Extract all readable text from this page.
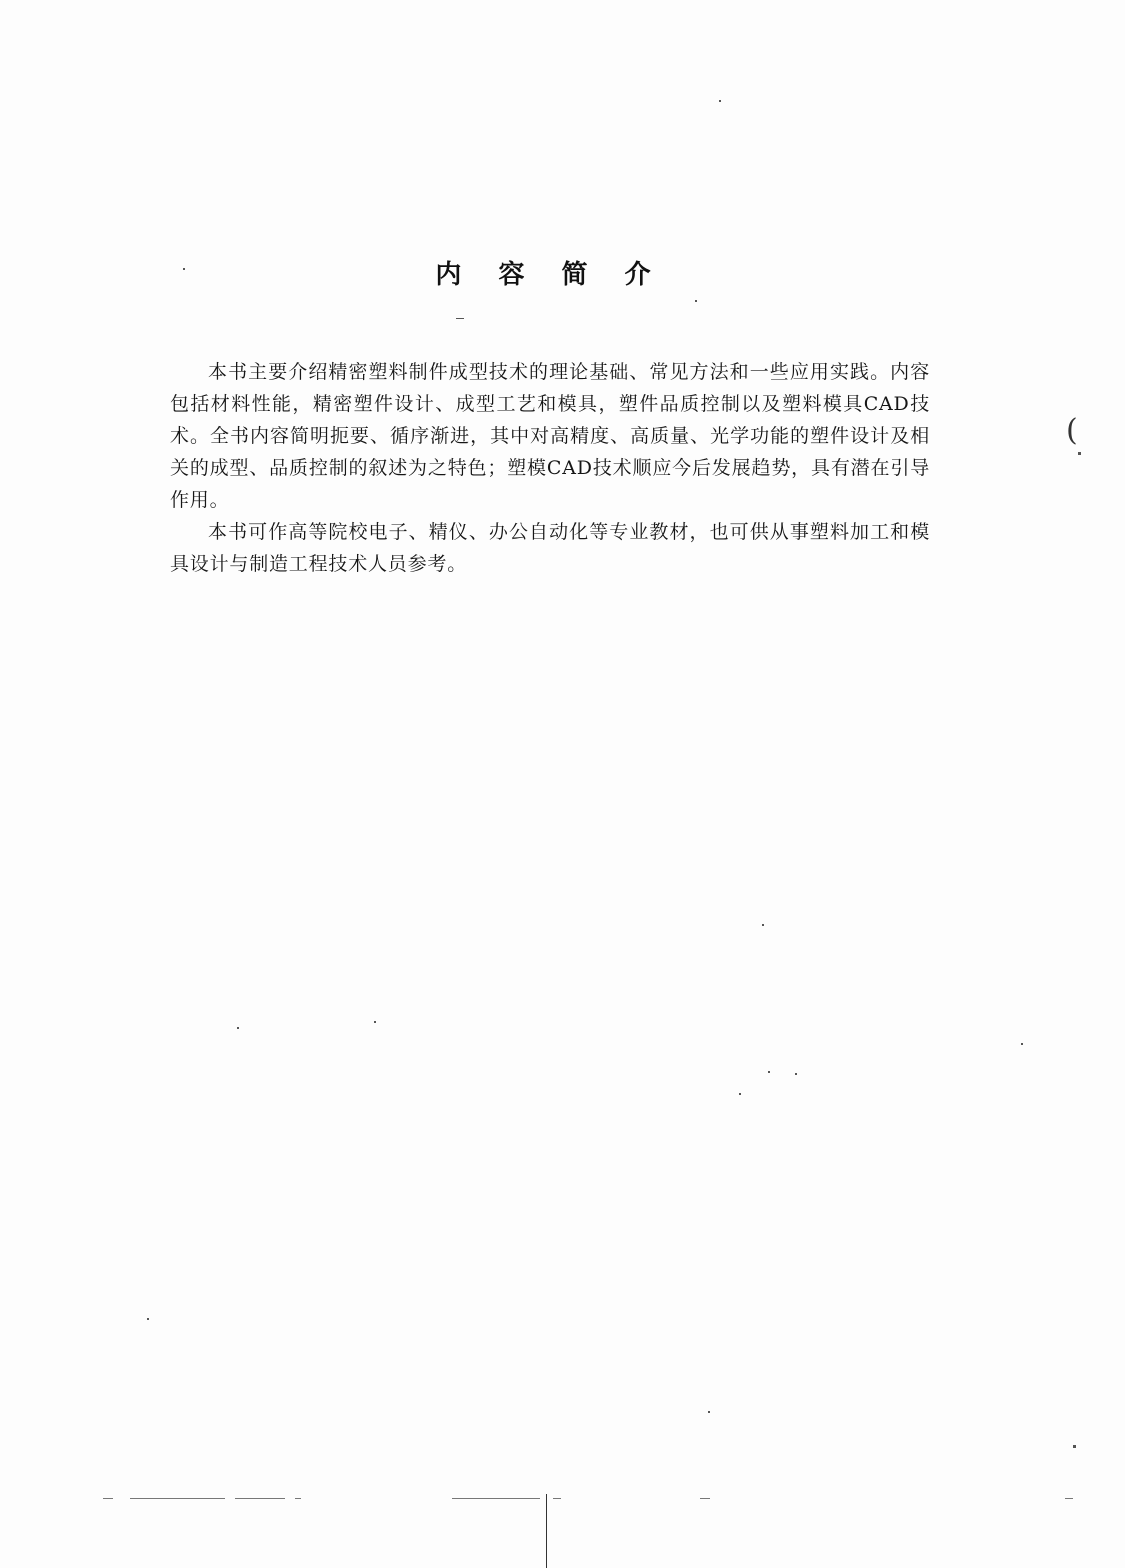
内 容 简 介

本书主要介绍精密塑料制件成型技术的理论基础、常见方法和一些应用实践。内容包括材料性能，精密塑件设计、成型工艺和模具，塑件品质控制以及塑料模具CAD技术。全书内容简明扼要、循序渐进，其中对高精度、高质量、光学功能的塑件设计及相关的成型、品质控制的叙述为之特色；塑模CAD技术顺应今后发展趋势，具有潜在引导作用。

本书可作高等院校电子、精仪、办公自动化等专业教材，也可供从事塑料加工和模具设计与制造工程技术人员参考。

(
